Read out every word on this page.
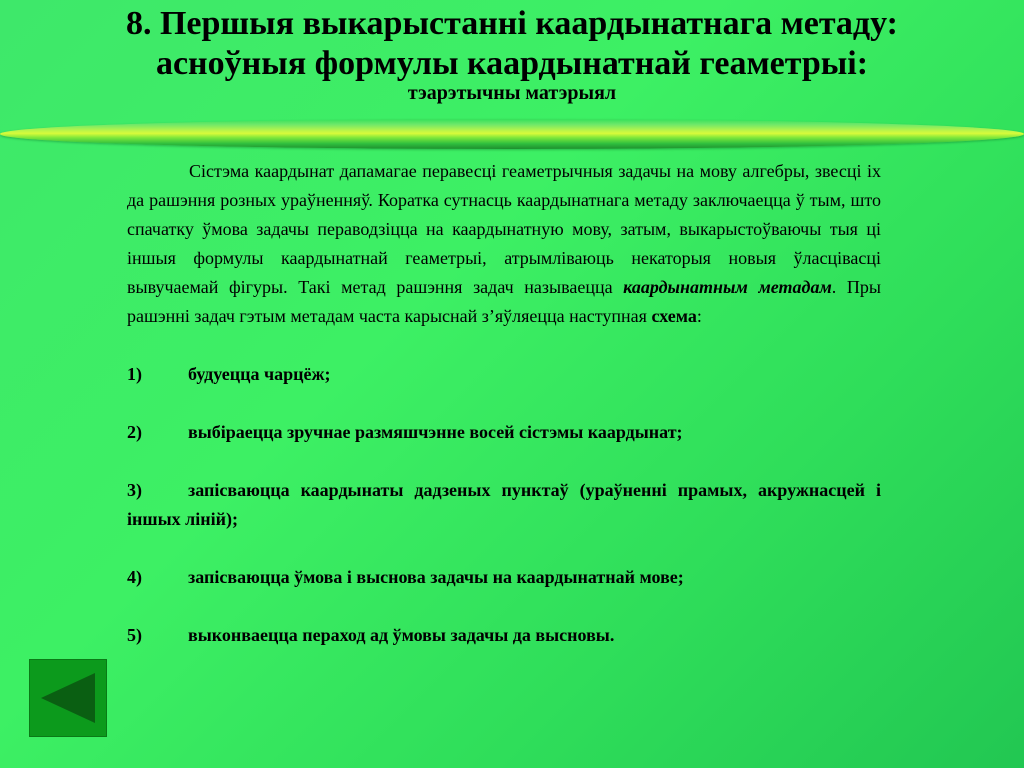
8. Першыя выкарыстанні каардынатнага метаду:
асноўныя формулы каардынатнай геаметрыі:
тэарэтычны матэрыял

Сістэма каардынат дапамагае перавесці геаметрычныя задачы на мову алгебры, звесці іх да рашэння розных ураўненняў. Коратка сутнасць каардынатнага метаду заключаецца ў тым, што спачатку ўмова задачы пераводзіцца на каардынатную мову, затым, выкарыстоўваючы тыя ці іншыя формулы каардынатнай геаметрыі, атрымліваюць некаторыя новыя ўласцівасці вывучаемай фігуры. Такі метад рашэння задач называецца каардынатным метадам. Пры рашэнні задач гэтым метадам часта карыснай з’яўляецца наступная схема:

1)	будуецца чарцёж;
2)	выбіраецца зручнае размяшчэнне восей сістэмы каардынат;
3)	запісваюцца каардынаты дадзеных пунктаў (ураўненні прамых, акружнасцей і іншых ліній);
4)	запісваюцца ўмова і выснова задачы на каардынатнай мове;
5)	выконваецца пераход ад ўмовы задачы да высновы.
